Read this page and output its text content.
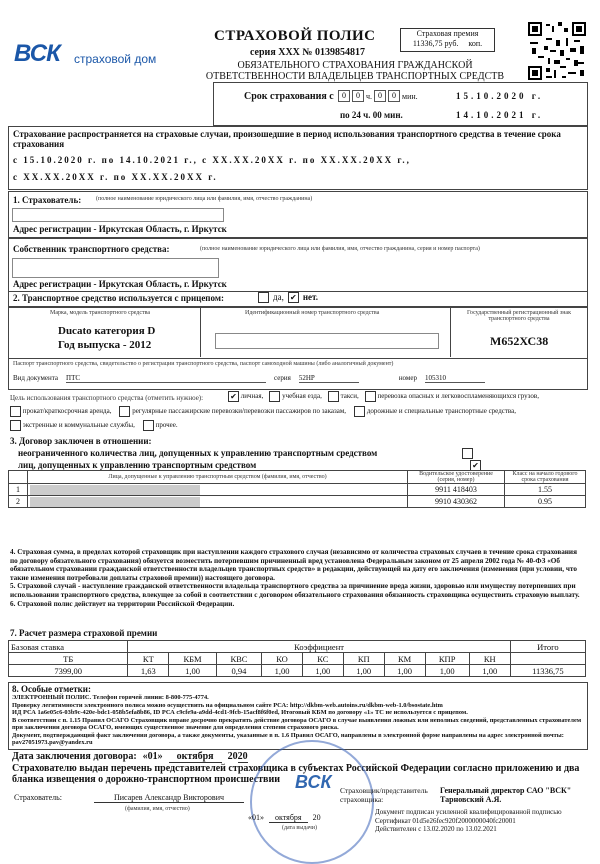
ВСК страховой дом
СТРАХОВОЙ ПОЛИС
серия ХХХ № 0139854817
ОБЯЗАТЕЛЬНОГО СТРАХОВАНИЯ ГРАЖДАНСКОЙ ОТВЕТСТВЕННОСТИ ВЛАДЕЛЬЦЕВ ТРАНСПОРТНЫХ СРЕДСТВ
Страховая премия
11336,75 руб. коп.
Срок страхования с	0	0 ч. 0	0 мин.	15.10.2020 г.
по 24 ч. 00 мин.	14.10.2021 г.
Страхование распространяется на страховые случаи, произошедшие в период использования транспортного средства в течение срока страхования
с 15.10.2020 г. по 14.10.2021 г., с ХХ.ХХ.20ХХ г. по ХХ.ХХ.20ХХ г.,
с ХХ.ХХ.20ХХ г. по ХХ.ХХ.20ХХ г.
1. Страхователь: (полное наименование юридического лица или фамилия, имя, отчество гражданина)
Адрес регистрации - Иркутская Область, г. Иркутск
Собственник транспортного средства:	(полное наименование юридического лица или фамилия, имя, отчество гражданина, серия и номер паспорта)
Адрес регистрации - Иркутская Область, г. Иркутск
2. Транспортное средство используется с прицепом:	да, ✔ нет.
Марка, модель транспортного средства	Идентификационный номер транспортного средства	Государственный регистрационный знак транспортного средства
Ducato категория D
Год выпуска - 2012	М652ХС38
Паспорт транспортного средства, свидетельство о регистрации транспортного средства, паспорт самоходной машины (либо аналогичный документ)
Вид документа ПТС	серия 52НР	номер 105310
Цель использования транспортного средства (отметить нужное):	✔ личная,	учебная езда,	такси,	перевозка опасных и легковоспламеняющихся грузов,
прокат/краткосрочная аренда,	регулярные пассажирские перевозки/перевозки пассажиров по заказам,	дорожные и специальные транспортные средства,
экстренные и коммунальные службы,	прочее.
3. Договор заключен в отношении:
неограниченного количества лиц, допущенных к управлению транспортным средством
лиц, допущенных к управлению транспортным средством	✔
	Лица, допущенные к управлению транспортным средством (фамилия, имя, отчество)	Водительское удостоверение (серия, номер)	Класс на начало годового срока страхования
1		9911 418403	1.55
2		9910 430362	0.95
4. Страховая сумма, в пределах которой страховщик при наступлении каждого страхового случая (независимо от количества страховых случаев в течение срока страхования по договору обязательного страхования) обязуется возместить потерпевшим причиненный вред установлена Федеральным законом от 25 апреля 2002 года № 40-ФЗ «Об обязательном страховании гражданской ответственности владельцев транспортных средств» в редакции, действующей на дату его заключения (изменения (при условии, что такие изменения потребовали доплаты страховой премии)) настоящего договора.
5. Страховой случай - наступление гражданской ответственности владельца транспортного средства за причинение вреда жизни, здоровью или имуществу потерпевших при использовании транспортного средства, влекущее за собой в соответствии с договором обязательного страхования обязанность страховщика осуществить страховую выплату.
6. Страховой полис действует на территории Российской Федерации.
7. Расчет размера страховой премии
Базовая ставка	Коэффициент									Итого
ТБ	КТ	КБМ	КВС	КО	КС	КП	КМ	КПР	КН	
7399,00	1,63	1,00	0,94	1,00	1,00	1,00	1,00	1,00	1,00	11336,75
8. Особые отметки:
ЭЛЕКТРОННЫЙ ПОЛИС. Телефон горячей линии: 8-800-775-4774.
Проверку легитимности электронного полиса можно осуществить на официальном сайте РСА: http://dkbm-web.autoins.ru/dkbm-web-1.0/bsostate.htm
ИД РСА 1a6e05c6-03b9c-420e-bdc1-058b5efa8b86, ID РСА c9cfe9a-a9dd-4cd1-9fcb-15acf8f6f0ed, Итоговый КБМ по договору «1» ТС не используется с прицепом.
В соответствии с п. 1.15 Правил ОСАГО Страховщик вправе досрочно прекратить действие договора ОСАГО в случае выявления ложных или неполных сведений, представленных страхователем при заключении договора ОСАГО, имеющих существенное значение для определения степени страхового риска.
Документ, подтверждающий факт заключения договора, а также документы, указанные в п. 1.6 Правил ОСАГО, направлены в электронной форме направлены на адрес электронной почты:
pav27051973.pav@yandex.ru
Дата заключения договора: «01»	октября	2020
Страхователю выдан перечень представителей страховщика в субъектах Российской Федерации согласно приложению и два бланка извещения о дорожно-транспортном происшествии ВСК
Страхователь:	Писарев Александр Викторович
(фамилия, имя, отчество)
Страховщик/представитель
страховщика:
Генеральный директор САО "ВСК"
Тарновский А.Я.
«01»	октября	20
(дата выдачи)
Документ подписан усиленной квалифицированной подписью
Сертификат 01d5e26fec920f2000000040fc20001
Действителен с 13.02.2020 по 13.02.2021
